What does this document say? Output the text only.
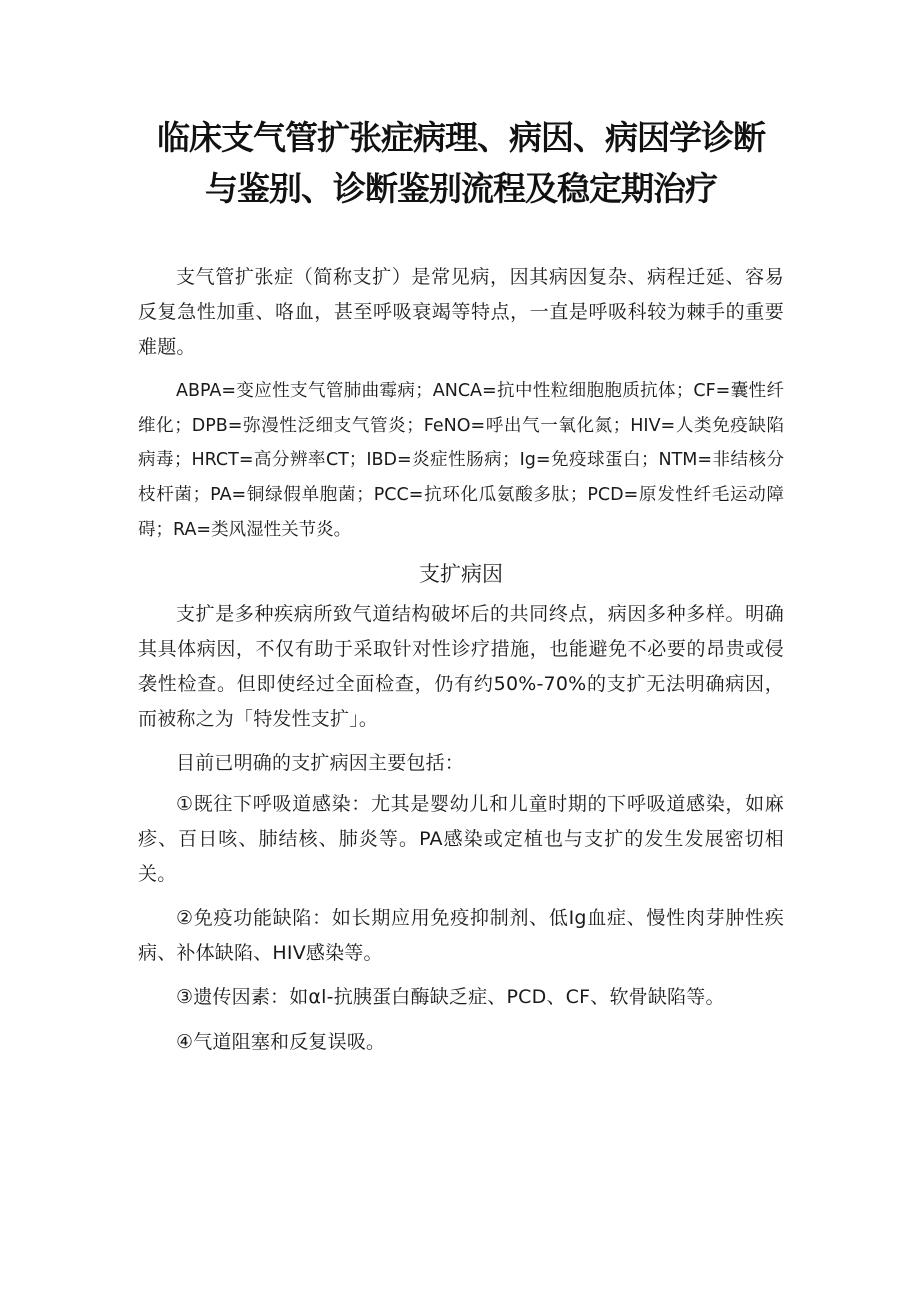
临床支气管扩张症病理、病因、病因学诊断
与鉴别、诊断鉴别流程及稳定期治疗

支气管扩张症（简称支扩）是常见病，因其病因复杂、病程迁延、容易反复急性加重、咯血，甚至呼吸衰竭等特点，一直是呼吸科较为棘手的重要难题。

ABPA=变应性支气管肺曲霉病；ANCA=抗中性粒细胞胞质抗体；CF=囊性纤维化；DPB=弥漫性泛细支气管炎；FeNO=呼出气一氧化氮；HIV=人类免疫缺陷病毒；HRCT=高分辨率CT；IBD=炎症性肠病；Ig=免疫球蛋白；NTM=非结核分枝杆菌；PA=铜绿假单胞菌；PCC=抗环化瓜氨酸多肽；PCD=原发性纤毛运动障碍；RA=类风湿性关节炎。

支扩病因

支扩是多种疾病所致气道结构破坏后的共同终点，病因多种多样。明确其具体病因，不仅有助于采取针对性诊疗措施，也能避免不必要的昂贵或侵袭性检查。但即使经过全面检查，仍有约50%-70%的支扩无法明确病因，而被称之为「特发性支扩」。

目前已明确的支扩病因主要包括：

①既往下呼吸道感染：尤其是婴幼儿和儿童时期的下呼吸道感染，如麻疹、百日咳、肺结核、肺炎等。PA感染或定植也与支扩的发生发展密切相关。

②免疫功能缺陷：如长期应用免疫抑制剂、低Ig血症、慢性肉芽肿性疾病、补体缺陷、HIV感染等。

③遗传因素：如αl-抗胰蛋白酶缺乏症、PCD、CF、软骨缺陷等。

④气道阻塞和反复误吸。
